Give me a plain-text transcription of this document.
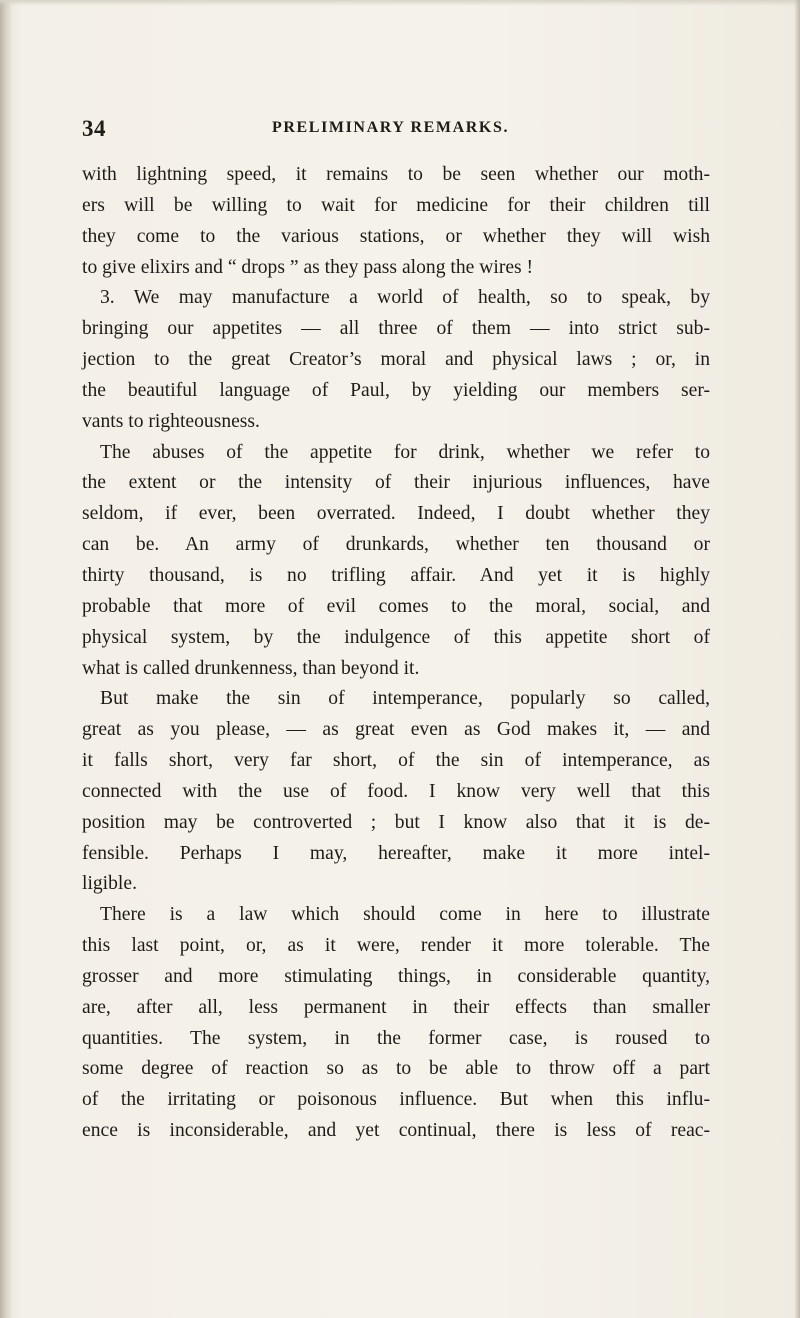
34	PRELIMINARY REMARKS.
with lightning speed, it remains to be seen whether our moth-
ers will be willing to wait for medicine for their children till
they come to the various stations, or whether they will wish
to give elixirs and “ drops ” as they pass along the wires !
3. We may manufacture a world of health, so to speak, by
bringing our appetites — all three of them — into strict sub-
jection to the great Creator’s moral and physical laws ; or, in
the beautiful language of Paul, by yielding our members ser-
vants to righteousness.
The abuses of the appetite for drink, whether we refer to
the extent or the intensity of their injurious influences, have
seldom, if ever, been overrated. Indeed, I doubt whether they
can be. An army of drunkards, whether ten thousand or
thirty thousand, is no trifling affair. And yet it is highly
probable that more of evil comes to the moral, social, and
physical system, by the indulgence of this appetite short of
what is called drunkenness, than beyond it.
But make the sin of intemperance, popularly so called,
great as you please, — as great even as God makes it, — and
it falls short, very far short, of the sin of intemperance, as
connected with the use of food. I know very well that this
position may be controverted ; but I know also that it is de-
fensible. Perhaps I may, hereafter, make it more intel-
ligible.
There is a law which should come in here to illustrate
this last point, or, as it were, render it more tolerable. The
grosser and more stimulating things, in considerable quantity,
are, after all, less permanent in their effects than smaller
quantities. The system, in the former case, is roused to
some degree of reaction so as to be able to throw off a part
of the irritating or poisonous influence. But when this influ-
ence is inconsiderable, and yet continual, there is less of reac-
